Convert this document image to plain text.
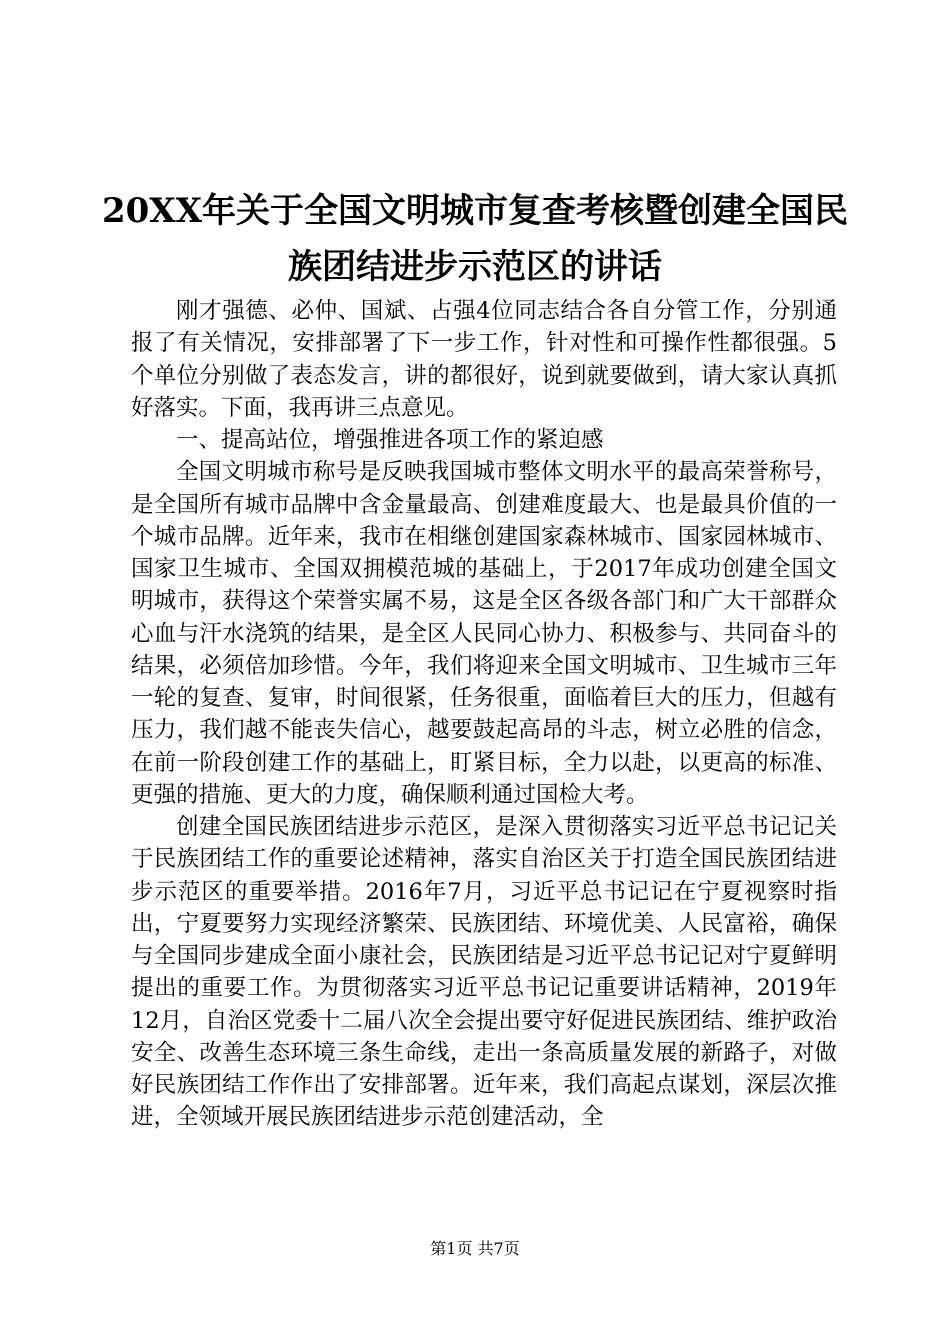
20XX年关于全国文明城市复查考核暨创建全国民族团结进步示范区的讲话

刚才强德、必仲、国斌、占强4位同志结合各自分管工作，分别通报了有关情况，安排部署了下一步工作，针对性和可操作性都很强。5个单位分别做了表态发言，讲的都很好，说到就要做到，请大家认真抓好落实。下面，我再讲三点意见。

一、提高站位，增强推进各项工作的紧迫感

全国文明城市称号是反映我国城市整体文明水平的最高荣誉称号，是全国所有城市品牌中含金量最高、创建难度最大、也是最具价值的一个城市品牌。近年来，我市在相继创建国家森林城市、国家园林城市、国家卫生城市、全国双拥模范城的基础上，于2017年成功创建全国文明城市，获得这个荣誉实属不易，这是全区各级各部门和广大干部群众心血与汗水浇筑的结果，是全区人民同心协力、积极参与、共同奋斗的结果，必须倍加珍惜。今年，我们将迎来全国文明城市、卫生城市三年一轮的复查、复审，时间很紧，任务很重，面临着巨大的压力，但越有压力，我们越不能丧失信心，越要鼓起高昂的斗志，树立必胜的信念，在前一阶段创建工作的基础上，盯紧目标，全力以赴，以更高的标准、更强的措施、更大的力度，确保顺利通过国检大考。

创建全国民族团结进步示范区，是深入贯彻落实习近平总书记记关于民族团结工作的重要论述精神，落实自治区关于打造全国民族团结进步示范区的重要举措。2016年7月，习近平总书记记在宁夏视察时指出，宁夏要努力实现经济繁荣、民族团结、环境优美、人民富裕，确保与全国同步建成全面小康社会，民族团结是习近平总书记记对宁夏鲜明提出的重要工作。为贯彻落实习近平总书记记重要讲话精神，2019年12月，自治区党委十二届八次全会提出要守好促进民族团结、维护政治安全、改善生态环境三条生命线，走出一条高质量发展的新路子，对做好民族团结工作作出了安排部署。近年来，我们高起点谋划，深层次推进，全领域开展民族团结进步示范创建活动，全

第1页 共7页
